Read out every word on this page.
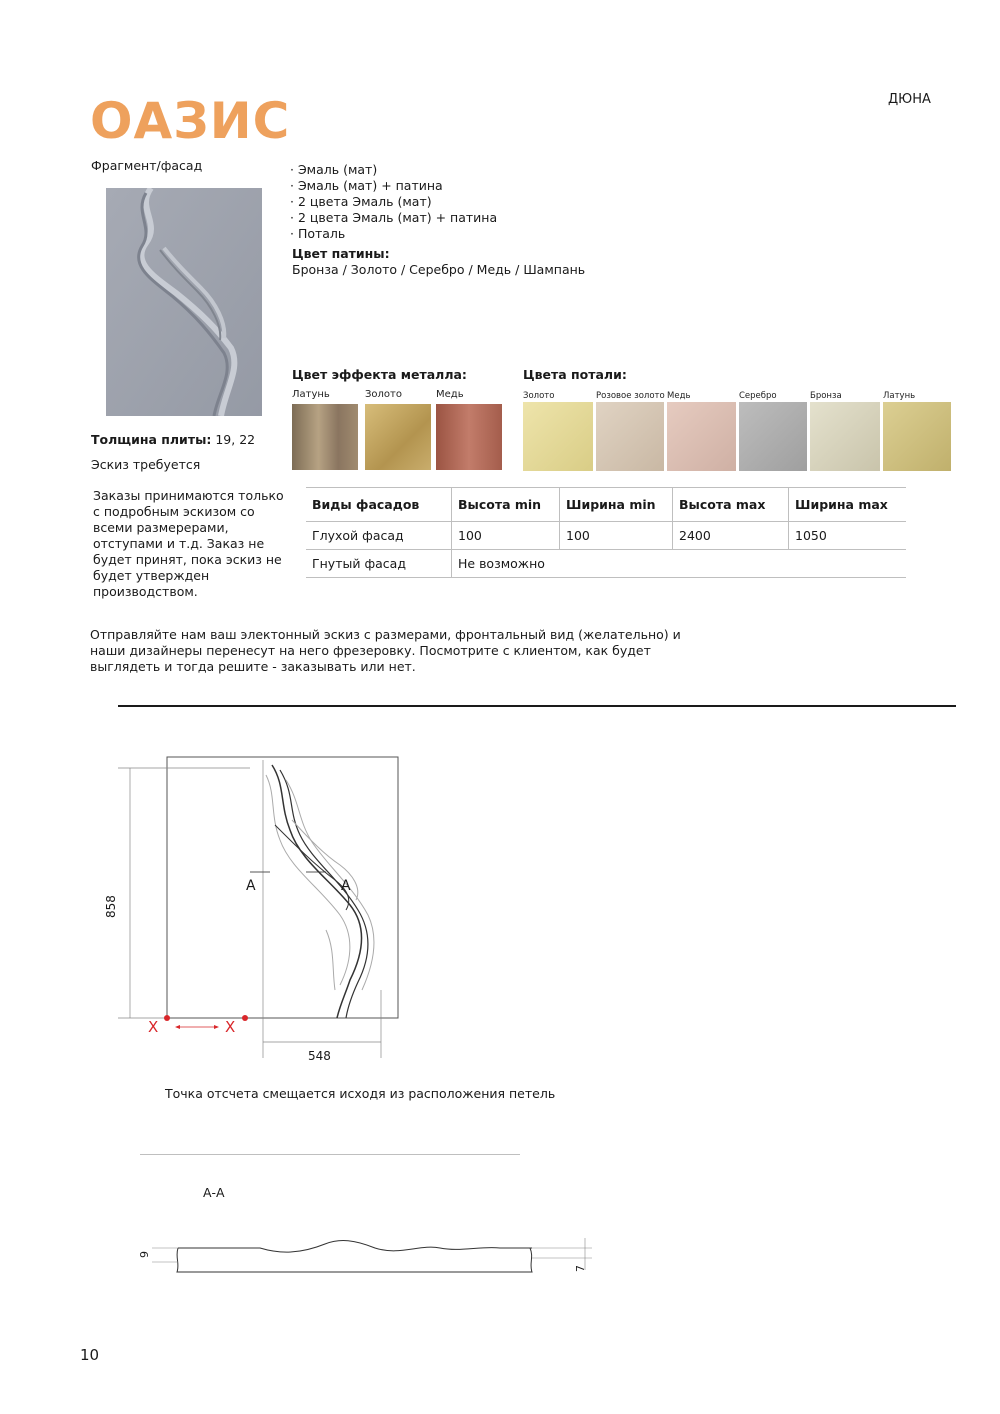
ОАЗИС	ДЮНА
Фрагмент/фасад	· Эмаль (мат)
· Эмаль (мат) + патина
· 2 цвета Эмаль (мат)
· 2 цвета Эмаль (мат) + патина
· Поталь
Цвет патины:
Бронза / Золото / Серебро / Медь / Шампань
Цвет эффекта металла:
Латунь	Золото	Медь
Цвета потали:
Золото	Розовое золото Медь	Серебро	Бронза	Латунь
Толщина плиты: 19, 22
Эскиз требуется
Заказы принимаются только с подробным эскизом со всеми размерерами, отступами и т.д. Заказ не будет принят, пока эскиз не будет утвержден производством.
Виды фасадов	Высота min	Ширина min	Высота max	Ширина max
Глухой фасад	100	100	2400	1050
Гнутый фасад	Не возможно			
Отправляйте нам ваш электонный эскиз с размерами, фронтальный вид (желательно) и наши дизайнеры перенесут на него фрезеровку. Посмотрите с клиентом, как будет выглядеть и тогда решите - заказывать или нет.
858
548
А	А
X	X
Точка отсчета смещается исходя из расположения петель
А-А
9
7
10
